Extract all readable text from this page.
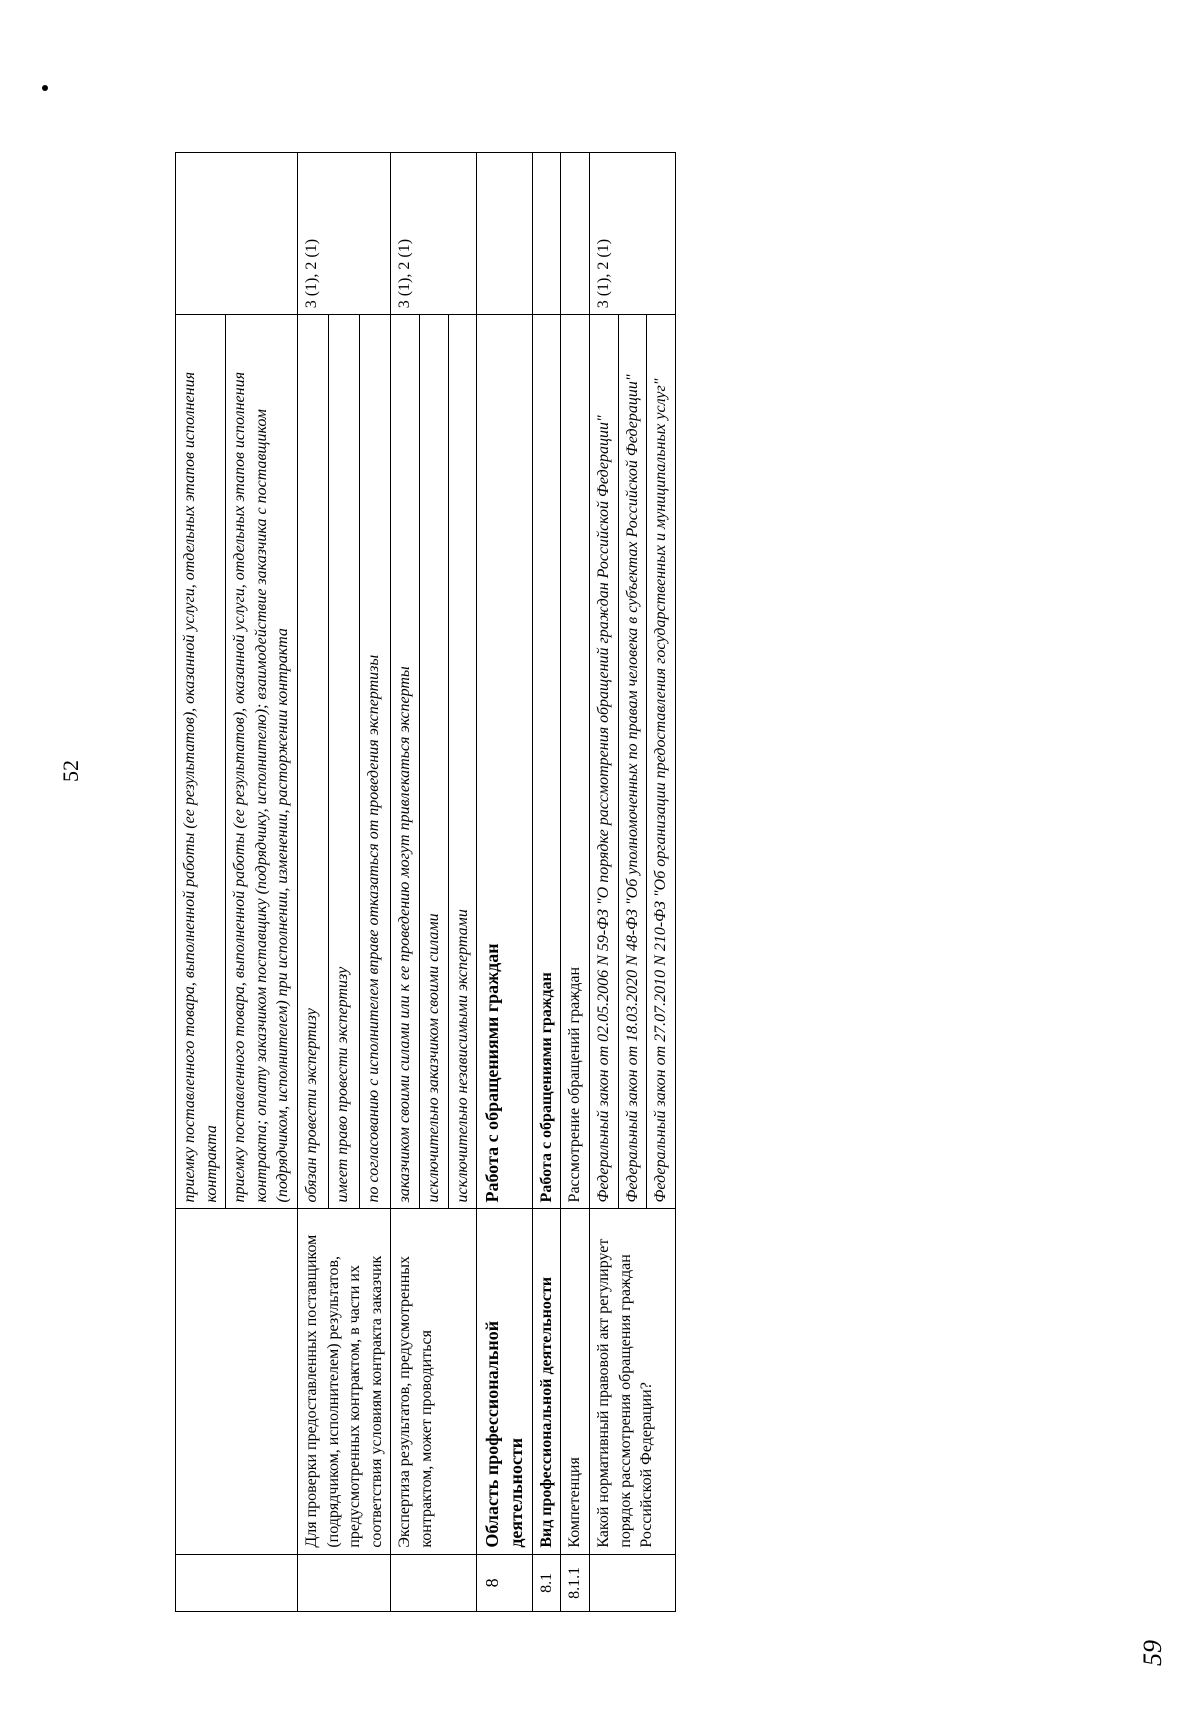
52
59
		приемку поставленного товара, выполненной работы (ее результатов), оказанной услуги, отдельных этапов исполнения контракта	
		приемку поставленного товара, выполненной работы (ее результатов), оказанной услуги, отдельных этапов исполнения контракта; оплату заказчиком поставщику (подрядчику, исполнителю); взаимодействие заказчика с поставщиком (подрядчиком, исполнителем) при исполнении, изменении, расторжении контракта	
	Для проверки предоставленных поставщиком (подрядчиком, исполнителем) результатов, предусмотренных контрактом, в части их соответствия условиям контракта заказчик	обязан провести экспертизу	3 (1), 2 (1)
		имеет право провести экспертизу	
		по согласованию с исполнителем вправе отказаться от проведения экспертизы	
	Экспертиза результатов, предусмотренных контрактом, может проводиться	заказчиком своими силами или к ее проведению могут привлекаться эксперты	3 (1), 2 (1)
		исключительно заказчиком своими силами	
		исключительно независимыми экспертами	
8	Область профессиональной деятельности	Работа с обращениями граждан	
8.1	Вид профессиональной деятельности	Работа с обращениями граждан	
8.1.1	Компетенция	Рассмотрение обращений граждан	
	Какой нормативный правовой акт регулирует порядок рассмотрения обращения граждан Российской Федерации?	Федеральный закон от 02.05.2006 N 59-ФЗ "О порядке рассмотрения обращений граждан Российской Федерации"	3 (1), 2 (1)
		Федеральный закон от 18.03.2020 N 48-ФЗ "Об уполномоченных по правам человека в субъектах Российской Федерации"	
		Федеральный закон от 27.07.2010 N 210-ФЗ "Об организации предоставления государственных и муниципальных услуг"	
